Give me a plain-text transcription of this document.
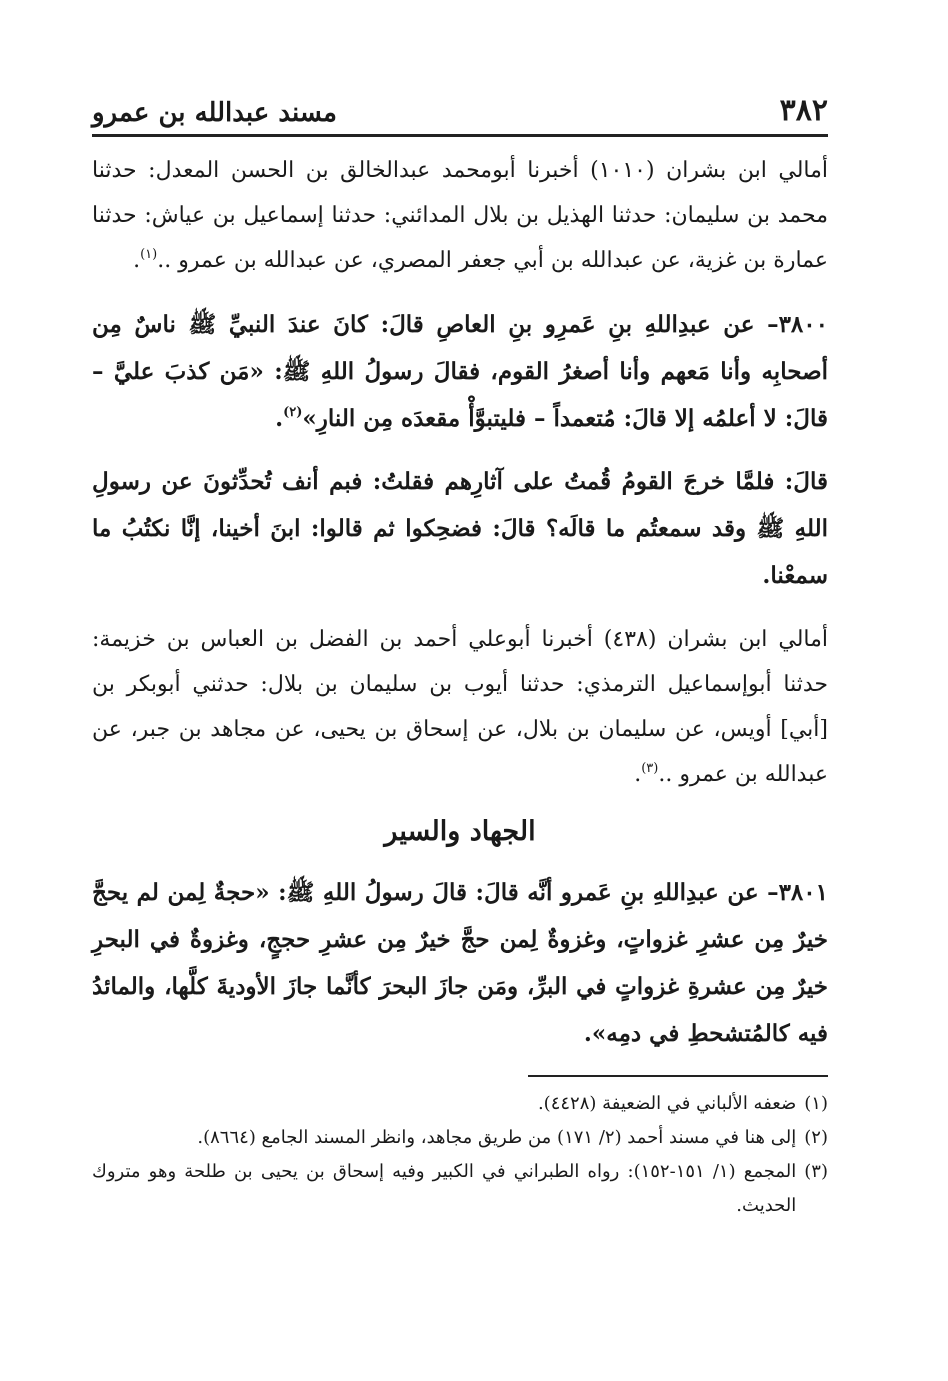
٣٨٢
مسند عبدالله بن عمرو

أمالي ابن بشران (١٠١٠) أخبرنا أبومحمد عبدالخالق بن الحسن المعدل: حدثنا محمد بن سليمان: حدثنا الهذيل بن بلال المدائني: حدثنا إسماعيل بن عياش: حدثنا عمارة بن غزية، عن عبدالله بن أبي جعفر المصري، عن عبدالله بن عمرو ..$^{(١)}$.

٣٨٠٠– عن عبدِاللهِ بنِ عَمرِو بنِ العاصِ قالَ: كانَ عندَ النبيِّ ﷺ ناسٌ مِن أصحابِه وأنا مَعهم وأنا أصغرُ القوم، فقالَ رسولُ اللهِ ﷺ: «مَن كذبَ عليَّ – قالَ: لا أعلمُه إلا قالَ: مُتعمداً – فليتبوَّأْ مقعدَه مِن النارِ»$^{(٢)}$.

قالَ: فلمَّا خرجَ القومُ قُمتُ على آثارِهم فقلتُ: فبم أنف تُحدِّثونَ عن رسولِ اللهِ ﷺ وقد سمعتُم ما قالَه؟ قالَ: فضحِكوا ثم قالوا: ابنَ أخينا، إنَّا نكتُبُ ما سمعْنا.

أمالي ابن بشران (٤٣٨) أخبرنا أبوعلي أحمد بن الفضل بن العباس بن خزيمة: حدثنا أبوإسماعيل الترمذي: حدثنا أيوب بن سليمان بن بلال: حدثني أبوبكر بن [أبي] أويس، عن سليمان بن بلال، عن إسحاق بن يحيى، عن مجاهد بن جبر، عن عبدالله بن عمرو ..$^{(٣)}$.

الجهاد والسير

٣٨٠١– عن عبدِاللهِ بنِ عَمرو أنَّه قالَ: قالَ رسولُ اللهِ ﷺ: «حجةٌ لِمن لم يحجَّ خيرٌ مِن عشرِ غزواتٍ، وغزوةٌ لِمن حجَّ خيرٌ مِن عشرِ حججٍ، وغزوةٌ في البحرِ خيرٌ مِن عشرةِ غزواتٍ في البرِّ، ومَن جازَ البحرَ كأنَّما جازَ الأوديةَ كلَّها، والمائدُ فيه كالمُتشحطِ في دمِه».

(١)
ضعفه الألباني في الضعيفة (٤٤٢٨).
(٢)
إلى هنا في مسند أحمد (٢/ ١٧١) من طريق مجاهد، وانظر المسند الجامع (٨٦٦٤).
(٣)
المجمع (١/ ١٥١-١٥٢): رواه الطبراني في الكبير وفيه إسحاق بن يحيى بن طلحة وهو متروك الحديث.
